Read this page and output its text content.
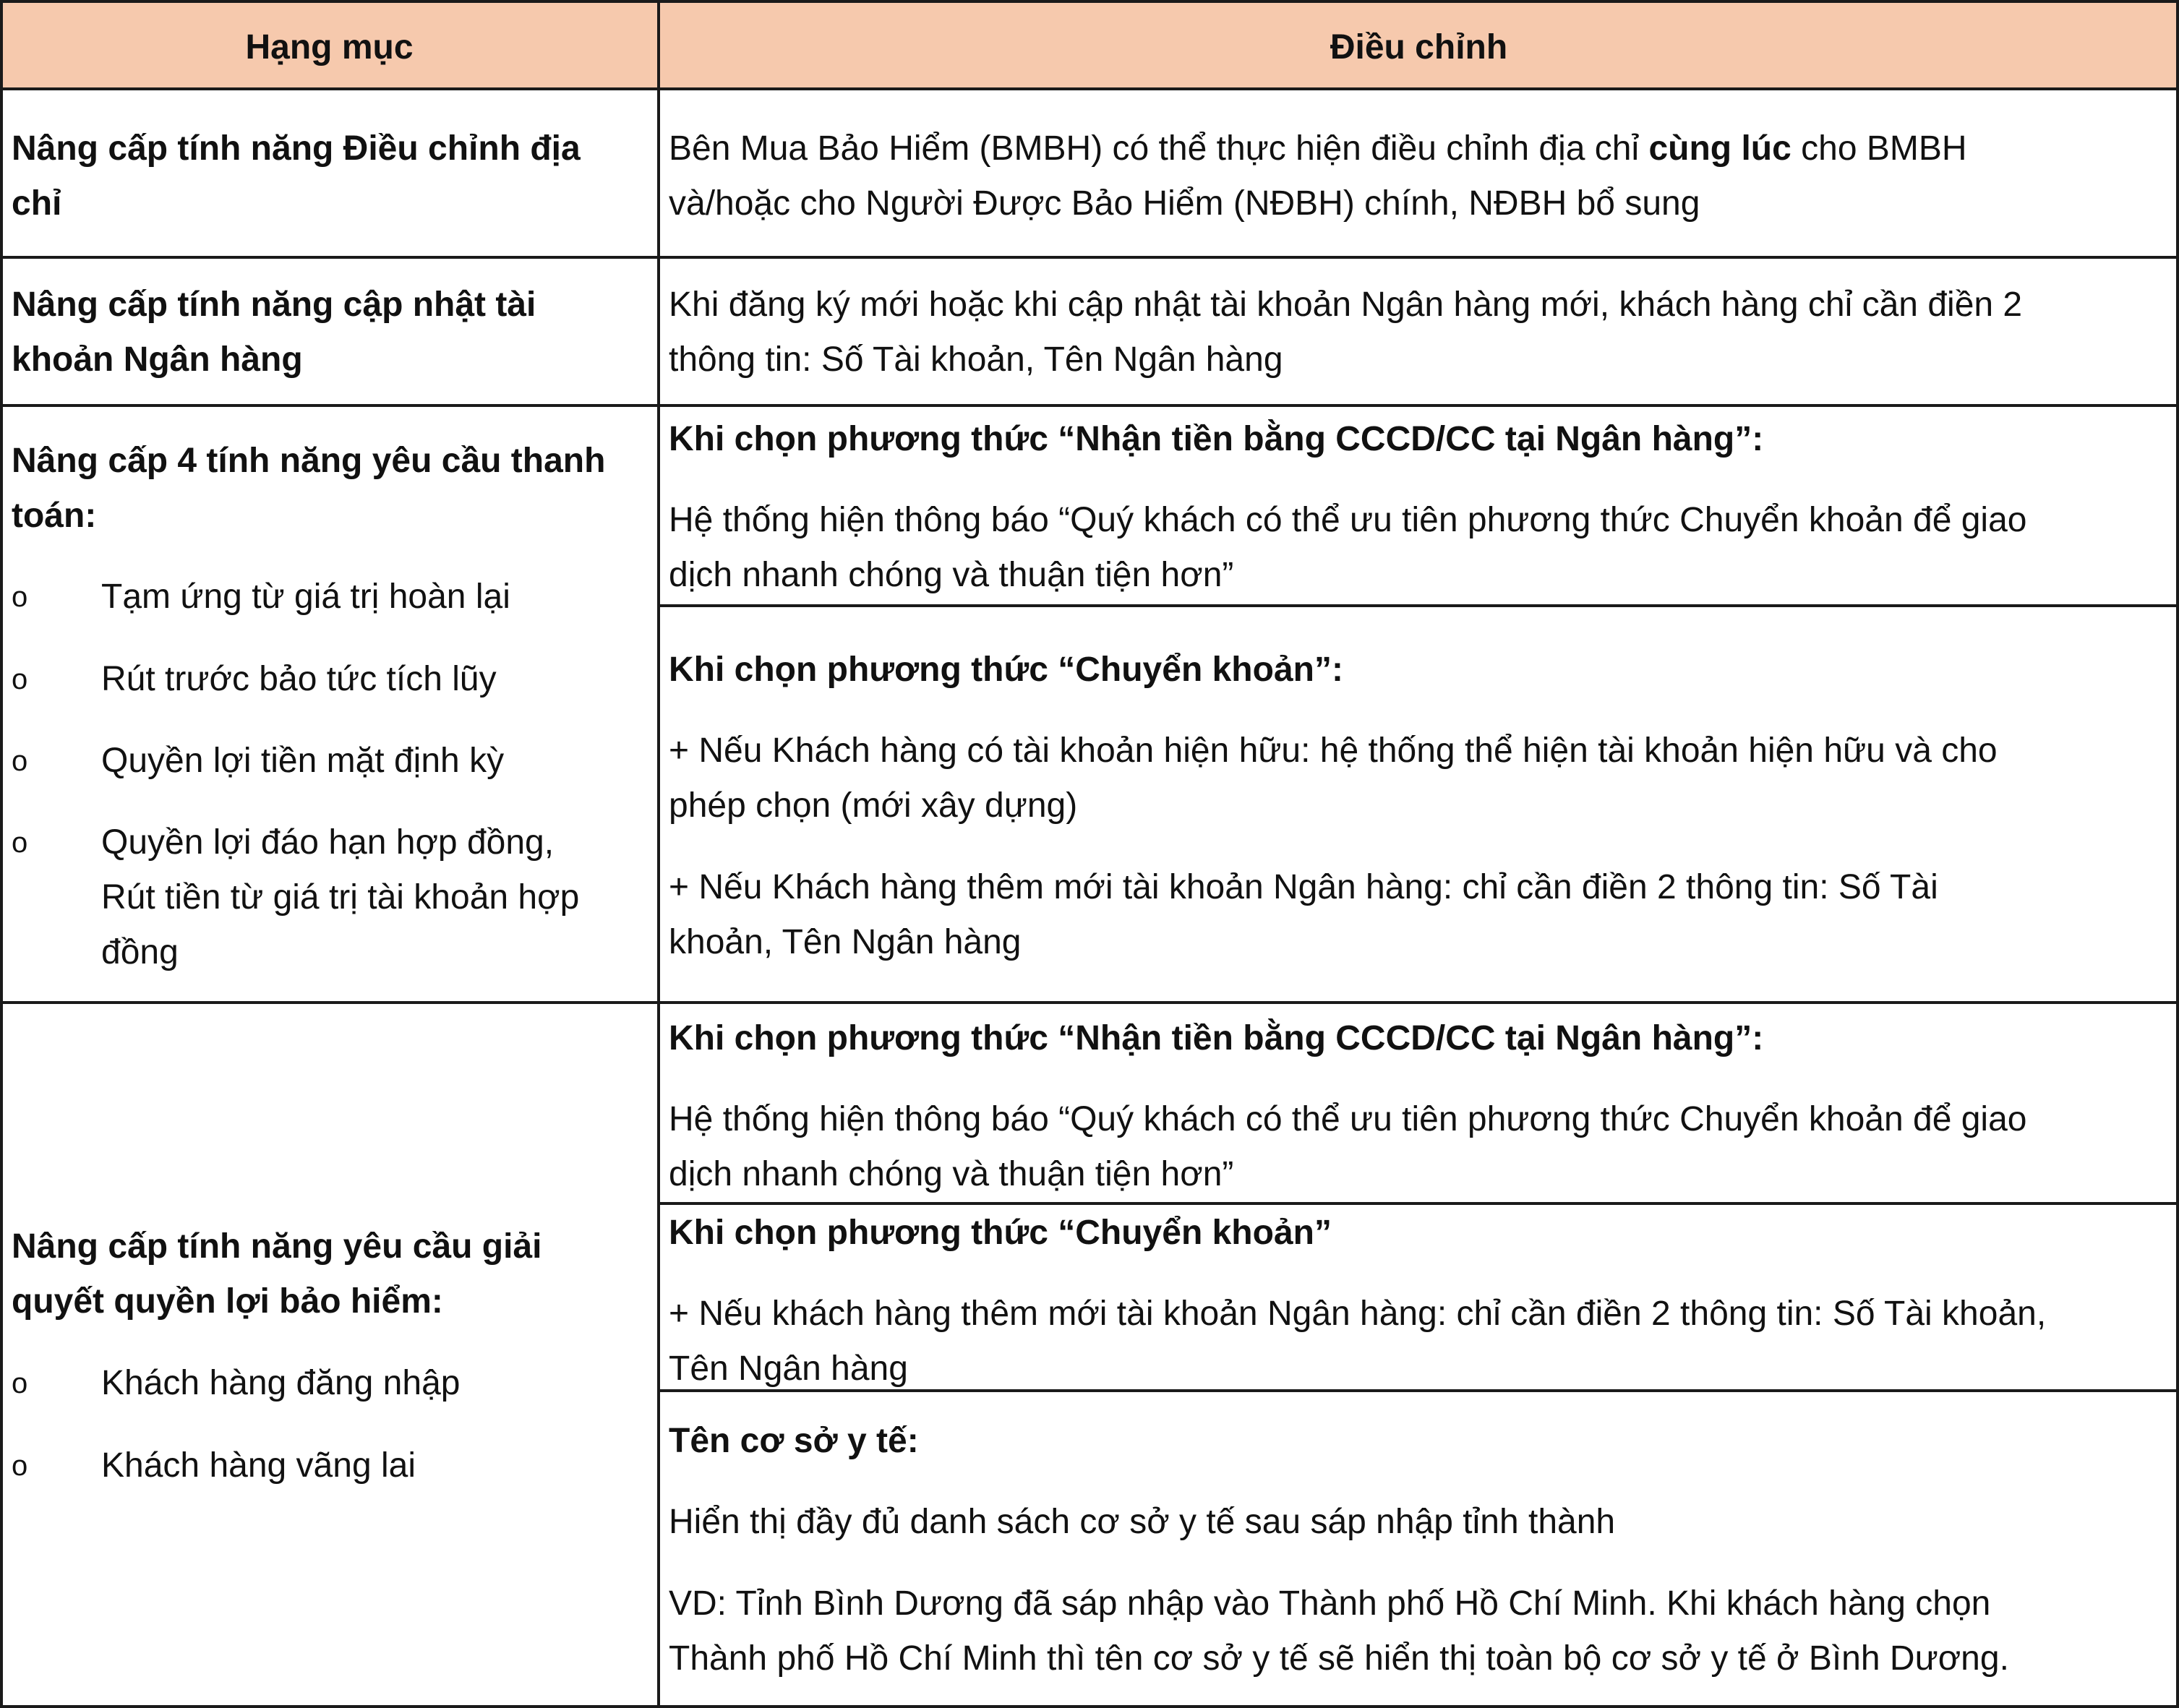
Hạng mục	Điều chỉnh
Nâng cấp tính năng Điều chỉnh địa
chỉ
Bên Mua Bảo Hiểm (BMBH) có thể thực hiện điều chỉnh địa chỉ cùng lúc cho BMBH
và/hoặc cho Người Được Bảo Hiểm (NĐBH) chính, NĐBH bổ sung
Nâng cấp tính năng cập nhật tài
khoản Ngân hàng
Khi đăng ký mới hoặc khi cập nhật tài khoản Ngân hàng mới, khách hàng chỉ cần điền 2
thông tin: Số Tài khoản, Tên Ngân hàng
Nâng cấp 4 tính năng yêu cầu thanh
toán:
o Tạm ứng từ giá trị hoàn lại
o Rút trước bảo tức tích lũy
o Quyền lợi tiền mặt định kỳ
o Quyền lợi đáo hạn hợp đồng,
Rút tiền từ giá trị tài khoản hợp
đồng
Khi chọn phương thức “Nhận tiền bằng CCCD/CC tại Ngân hàng”:
Hệ thống hiện thông báo “Quý khách có thể ưu tiên phương thức Chuyển khoản để giao
dịch nhanh chóng và thuận tiện hơn”
Khi chọn phương thức “Chuyển khoản”:
+ Nếu Khách hàng có tài khoản hiện hữu: hệ thống thể hiện tài khoản hiện hữu và cho
phép chọn (mới xây dựng)
+ Nếu Khách hàng thêm mới tài khoản Ngân hàng: chỉ cần điền 2 thông tin: Số Tài
khoản, Tên Ngân hàng
Nâng cấp tính năng yêu cầu giải
quyết quyền lợi bảo hiểm:
o Khách hàng đăng nhập
o Khách hàng vãng lai
Khi chọn phương thức “Nhận tiền bằng CCCD/CC tại Ngân hàng”:
Hệ thống hiện thông báo “Quý khách có thể ưu tiên phương thức Chuyển khoản để giao
dịch nhanh chóng và thuận tiện hơn”
Khi chọn phương thức “Chuyển khoản”
+ Nếu khách hàng thêm mới tài khoản Ngân hàng: chỉ cần điền 2 thông tin: Số Tài khoản,
Tên Ngân hàng
Tên cơ sở y tế:
Hiển thị đầy đủ danh sách cơ sở y tế sau sáp nhập tỉnh thành
VD: Tỉnh Bình Dương đã sáp nhập vào Thành phố Hồ Chí Minh. Khi khách hàng chọn
Thành phố Hồ Chí Minh thì tên cơ sở y tế sẽ hiển thị toàn bộ cơ sở y tế ở Bình Dương.
